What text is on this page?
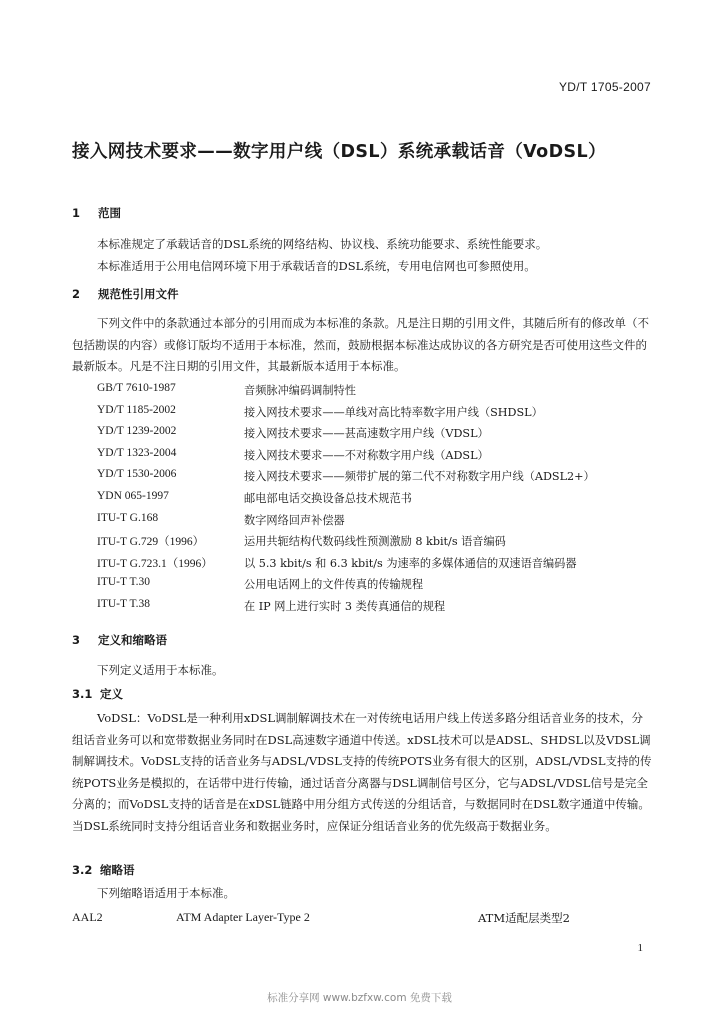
YD/T 1705-2007
接入网技术要求——数字用户线（DSL）系统承载话音（VoDSL）
1 范围
本标准规定了承载话音的DSL系统的网络结构、协议栈、系统功能要求、系统性能要求。
本标准适用于公用电信网环境下用于承载话音的DSL系统，专用电信网也可参照使用。
2 规范性引用文件
下列文件中的条款通过本部分的引用而成为本标准的条款。凡是注日期的引用文件，其随后所有的修改单（不包括勘误的内容）或修订版均不适用于本标准，然而，鼓励根据本标准达成协议的各方研究是否可使用这些文件的最新版本。凡是不注日期的引用文件，其最新版本适用于本标准。
GB/T 7610-1987	音频脉冲编码调制特性
YD/T 1185-2002	接入网技术要求——单线对高比特率数字用户线（SHDSL）
YD/T 1239-2002	接入网技术要求——甚高速数字用户线（VDSL）
YD/T 1323-2004	接入网技术要求——不对称数字用户线（ADSL）
YD/T 1530-2006	接入网技术要求——频带扩展的第二代不对称数字用户线（ADSL2+）
YDN 065-1997	邮电部电话交换设备总技术规范书
ITU-T G.168	数字网络回声补偿器
ITU-T G.729（1996）	运用共轭结构代数码线性预测激励 8 kbit/s 语音编码
ITU-T G.723.1（1996）	以 5.3 kbit/s 和 6.3 kbit/s 为速率的多媒体通信的双速语音编码器
ITU-T T.30	公用电话网上的文件传真的传输规程
ITU-T T.38	在 IP 网上进行实时 3 类传真通信的规程
3 定义和缩略语
下列定义适用于本标准。
3.1 定义
VoDSL：VoDSL是一种利用xDSL调制解调技术在一对传统电话用户线上传送多路分组话音业务的技术，分组话音业务可以和宽带数据业务同时在DSL高速数字通道中传送。xDSL技术可以是ADSL、SHDSL以及VDSL调制解调技术。VoDSL支持的话音业务与ADSL/VDSL支持的传统POTS业务有很大的区别，ADSL/VDSL支持的传统POTS业务是模拟的，在话带中进行传输，通过话音分离器与DSL调制信号区分，它与ADSL/VDSL信号是完全分离的；而VoDSL支持的话音是在xDSL链路中用分组方式传送的分组话音，与数据同时在DSL数字通道中传输。当DSL系统同时支持分组话音业务和数据业务时，应保证分组话音业务的优先级高于数据业务。
3.2 缩略语
下列缩略语适用于本标准。
AAL2	ATM Adapter Layer-Type 2	ATM适配层类型2
1
标准分享网 www.bzfxw.com 免费下载
